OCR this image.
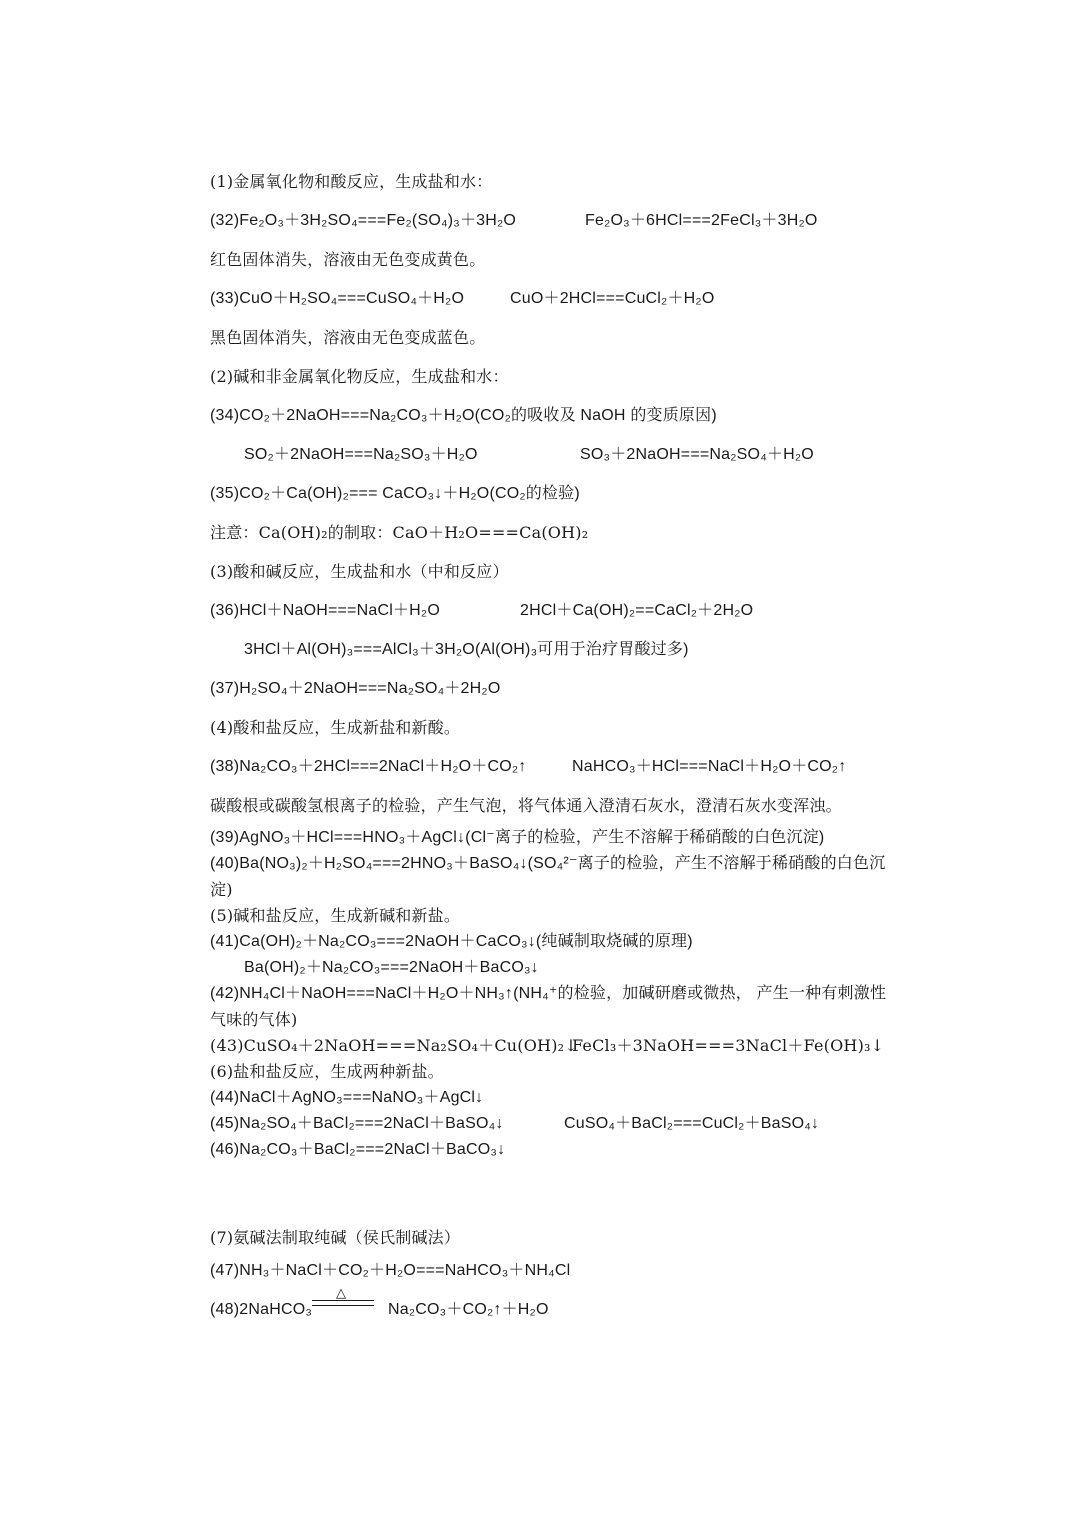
(1)金属氧化物和酸反应，生成盐和水：
(32)Fe₂O₃＋3H₂SO₄===Fe₂(SO₄)₃＋3H₂O	Fe₂O₃＋6HCl===2FeCl₃＋3H₂O
红色固体消失，溶液由无色变成黄色。
(33)CuO＋H₂SO₄===CuSO₄＋H₂O	CuO＋2HCl===CuCl₂＋H₂O
黑色固体消失，溶液由无色变成蓝色。
(2)碱和非金属氧化物反应，生成盐和水：
(34)CO₂＋2NaOH===Na₂CO₃＋H₂O(CO₂的吸收及 NaOH 的变质原因)
SO₂＋2NaOH===Na₂SO₃＋H₂O	SO₃＋2NaOH===Na₂SO₄＋H₂O
(35)CO₂＋Ca(OH)₂=== CaCO₃↓＋H₂O(CO₂的检验)
注意：Ca(OH)₂的制取：CaO＋H₂O===Ca(OH)₂
(3)酸和碱反应，生成盐和水（中和反应）
(36)HCl＋NaOH===NaCl＋H₂O	2HCl＋Ca(OH)₂==CaCl₂＋2H₂O
3HCl＋Al(OH)₃===AlCl₃＋3H₂O(Al(OH)₃可用于治疗胃酸过多)
(37)H₂SO₄＋2NaOH===Na₂SO₄＋2H₂O
(4)酸和盐反应，生成新盐和新酸。
(38)Na₂CO₃＋2HCl===2NaCl＋H₂O＋CO₂↑	NaHCO₃＋HCl===NaCl＋H₂O＋CO₂↑
碳酸根或碳酸氢根离子的检验，产生气泡，将气体通入澄清石灰水，澄清石灰水变浑浊。
(39)AgNO₃＋HCl===HNO₃＋AgCl↓(Cl⁻离子的检验，产生不溶解于稀硝酸的白色沉淀)
(40)Ba(NO₃)₂＋H₂SO₄===2HNO₃＋BaSO₄↓(SO₄²⁻离子的检验，产生不溶解于稀硝酸的白色沉
淀)
(5)碱和盐反应，生成新碱和新盐。
(41)Ca(OH)₂＋Na₂CO₃===2NaOH＋CaCO₃↓(纯碱制取烧碱的原理)
Ba(OH)₂＋Na₂CO₃===2NaOH＋BaCO₃↓
(42)NH₄Cl＋NaOH===NaCl＋H₂O＋NH₃↑(NH₄⁺的检验，加碱研磨或微热， 产生一种有刺激性
气味的气体)
(43)CuSO₄＋2NaOH===Na₂SO₄＋Cu(OH)₂↓
FeCl₃＋3NaOH===3NaCl＋Fe(OH)₃↓
(6)盐和盐反应，生成两种新盐。
(44)NaCl＋AgNO₃===NaNO₃＋AgCl↓
(45)Na₂SO₄＋BaCl₂===2NaCl＋BaSO₄↓	CuSO₄＋BaCl₂===CuCl₂＋BaSO₄↓
(46)Na₂CO₃＋BaCl₂===2NaCl＋BaCO₃↓
(7)氨碱法制取纯碱（侯氏制碱法）
(47)NH₃＋NaCl＋CO₂＋H₂O===NaHCO₃＋NH₄Cl
(48)2NaHCO₃
△
Na₂CO₃＋CO₂↑＋H₂O
